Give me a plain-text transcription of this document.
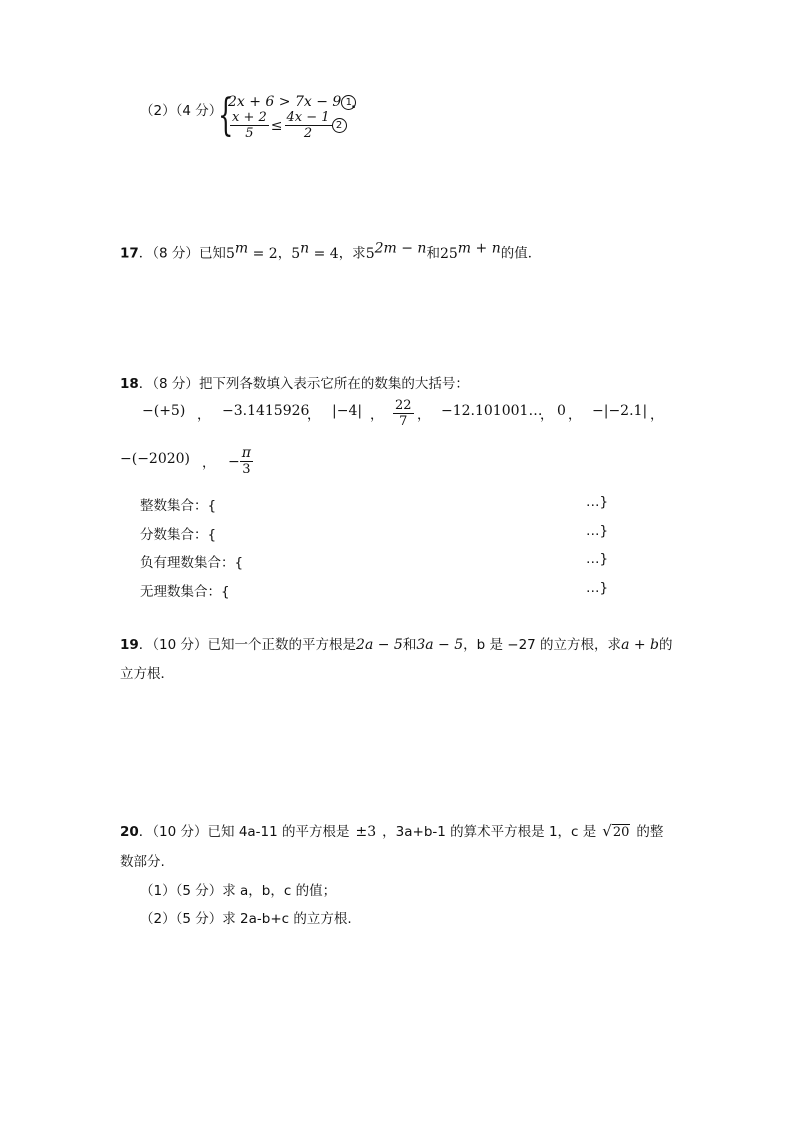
（2）（4 分）
{
2x + 6 > 7x − 9 1 .
$\frac{x + 2}{5} \le \frac{4x - 1}{2} 2$
17．（8 分）已知$5^m = 2$，$5^n = 4$，求$5^{2m - n}$和$25^{m + n}$的值．
18．（8 分）把下列各数填入表示它所在的数集的大括号：
−(+5) ， −3.1415926
， |−4| ， $\frac{22}{7}$ ， −12.101001…
， 0 ， −|−2.1| ，
−(−2020) ， − $\frac{\pi}{3}$
整数集合：{	…}
分数集合：{	…}
负有理数集合：{	…}
无理数集合：{	…}
19．（10 分）已知一个正数的平方根是2a − 5和3a − 5，b 是 −27 的立方根，求a + b的
立方根．
20．（10 分）已知 4a-11 的平方根是 ±3 ，3a+b-1 的算术平方根是 1，c 是 √20 的整
数部分.
（1）（5 分）求 a，b，c 的值；
（2）（5 分）求 2a-b+c 的立方根.
